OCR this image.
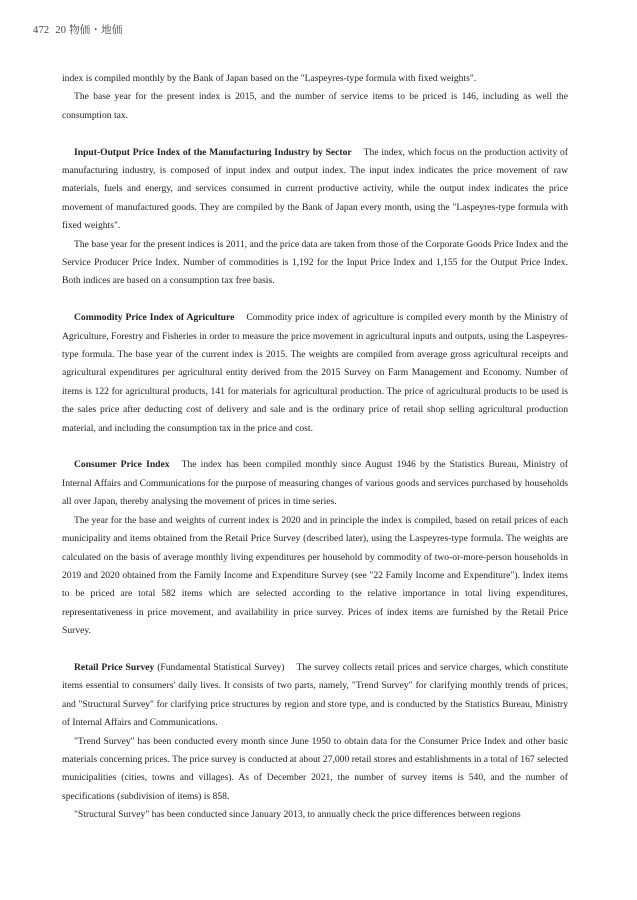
472 20 物価・地価

index is compiled monthly by the Bank of Japan based on the "Laspeyres-type formula with fixed weights".

The base year for the present index is 2015, and the number of service items to be priced is 146, including as well the consumption tax.

Input-Output Price Index of the Manufacturing Industry by Sector The index, which focus on the production activity of manufacturing industry, is composed of input index and output index. The input index indicates the price movement of raw materials, fuels and energy, and services consumed in current productive activity, while the output index indicates the price movement of manufactured goods. They are compiled by the Bank of Japan every month, using the "Laspeyres-type formula with fixed weights".

The base year for the present indices is 2011, and the price data are taken from those of the Corporate Goods Price Index and the Service Producer Price Index. Number of commodities is 1,192 for the Input Price Index and 1,155 for the Output Price Index. Both indices are based on a consumption tax free basis.

Commodity Price Index of Agriculture Commodity price index of agriculture is compiled every month by the Ministry of Agriculture, Forestry and Fisheries in order to measure the price movement in agricultural inputs and outputs, using the Laspeyres-type formula. The base year of the current index is 2015. The weights are compiled from average gross agricultural receipts and agricultural expenditures per agricultural entity derived from the 2015 Survey on Farm Management and Economy. Number of items is 122 for agricultural products, 141 for materials for agricultural production. The price of agricultural products to be used is the sales price after deducting cost of delivery and sale and is the ordinary price of retail shop selling agricultural production material, and including the consumption tax in the price and cost.

Consumer Price Index The index has been compiled monthly since August 1946 by the Statistics Bureau, Ministry of Internal Affairs and Communications for the purpose of measuring changes of various goods and services purchased by households all over Japan, thereby analysing the movement of prices in time series.

The year for the base and weights of current index is 2020 and in principle the index is compiled, based on retail prices of each municipality and items obtained from the Retail Price Survey (described later), using the Laspeyres-type formula. The weights are calculated on the basis of average monthly living expenditures per household by commodity of two-or-more-person households in 2019 and 2020 obtained from the Family Income and Expenditure Survey (see "22 Family Income and Expenditure"). Index items to be priced are total 582 items which are selected according to the relative importance in total living expenditures, representativeness in price movement, and availability in price survey. Prices of index items are furnished by the Retail Price Survey.

Retail Price Survey (Fundamental Statistical Survey) The survey collects retail prices and service charges, which constitute items essential to consumers' daily lives. It consists of two parts, namely, "Trend Survey" for clarifying monthly trends of prices, and "Structural Survey" for clarifying price structures by region and store type, and is conducted by the Statistics Bureau, Ministry of Internal Affairs and Communications.

"Trend Survey" has been conducted every month since June 1950 to obtain data for the Consumer Price Index and other basic materials concerning prices. The price survey is conducted at about 27,000 retail stores and establishments in a total of 167 selected municipalities (cities, towns and villages). As of December 2021, the number of survey items is 540, and the number of specifications (subdivision of items) is 858.

"Structural Survey" has been conducted since January 2013, to annually check the price differences between regions
